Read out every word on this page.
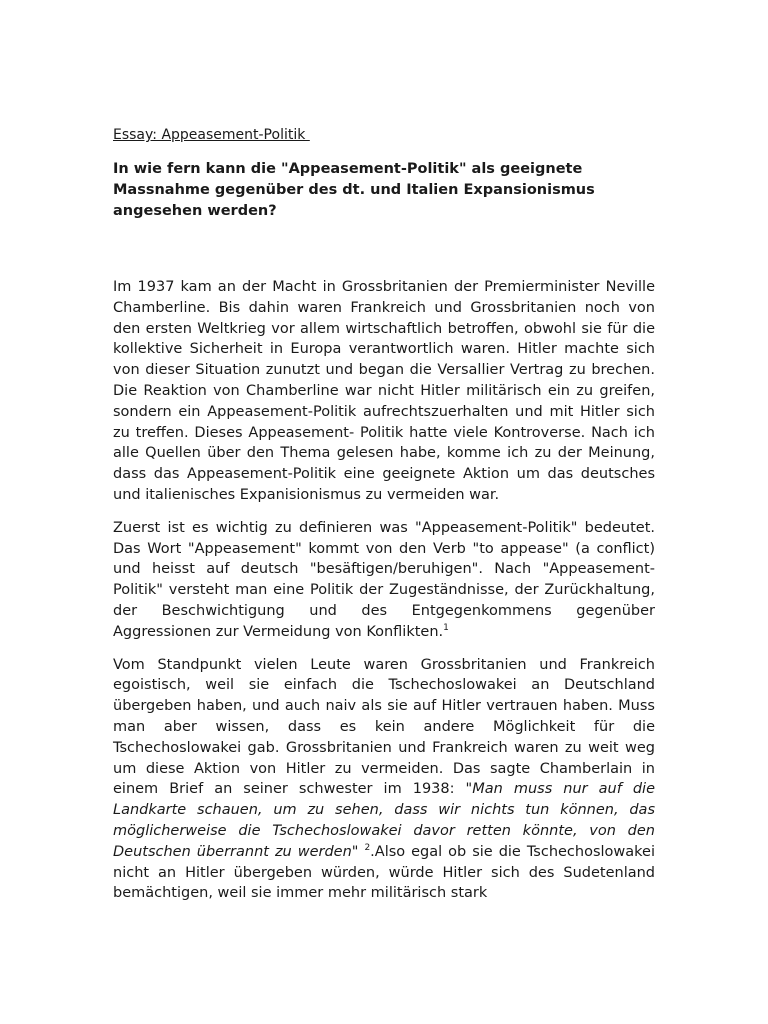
Essay: Appeasement-Politik
In wie fern kann die "Appeasement-Politik" als geeignete Massnahme gegenüber des dt. und Italien Expansionismus angesehen werden?

Im 1937 kam an der Macht in Grossbritanien der Premierminister Neville Chamberline. Bis dahin waren Frankreich und Grossbritanien noch von den ersten Weltkrieg vor allem wirtschaftlich betroffen, obwohl sie für die kollektive Sicherheit in Europa verantwortlich waren. Hitler machte sich von dieser Situation zunutzt und began die Versallier Vertrag zu brechen. Die Reaktion von Chamberline war nicht Hitler militärisch ein zu greifen, sondern ein Appeasement-Politik aufrechtszuerhalten und mit Hitler sich zu treffen. Dieses Appeasement- Politik hatte viele Kontroverse. Nach ich alle Quellen über den Thema gelesen habe, komme ich zu der Meinung, dass das Appeasement-Politik eine geeignete Aktion um das deutsches und italienisches Expanisionismus zu vermeiden war.

Zuerst ist es wichtig zu definieren was "Appeasement-Politik" bedeutet. Das Wort "Appeasement" kommt von den Verb "to appease" (a conflict) und heisst auf deutsch "besäftigen/beruhigen". Nach "Appeasement-Politik" versteht man eine Politik der Zugeständnisse, der Zurückhaltung, der Beschwichtigung und des Entgegenkommens gegenüber Aggressionen zur Vermeidung von Konflikten.$^1$

Vom Standpunkt vielen Leute waren Grossbritanien und Frankreich egoistisch, weil sie einfach die Tschechoslowakei an Deutschland übergeben haben, und auch naiv als sie auf Hitler vertrauen haben. Muss man aber wissen, dass es kein andere Möglichkeit für die Tschechoslowakei gab. Grossbritanien und Frankreich waren zu weit weg um diese Aktion von Hitler zu vermeiden. Das sagte Chamberlain in einem Brief an seiner schwester im 1938: "Man muss nur auf die Landkarte schauen, um zu sehen, dass wir nichts tun können, das möglicherweise die Tschechoslowakei davor retten könnte, von den Deutschen überrannt zu werden" $^2$.Also egal ob sie die Tschechoslowakei nicht an Hitler übergeben würden, würde Hitler sich des Sudetenland bemächtigen, weil sie immer mehr militärisch stark
